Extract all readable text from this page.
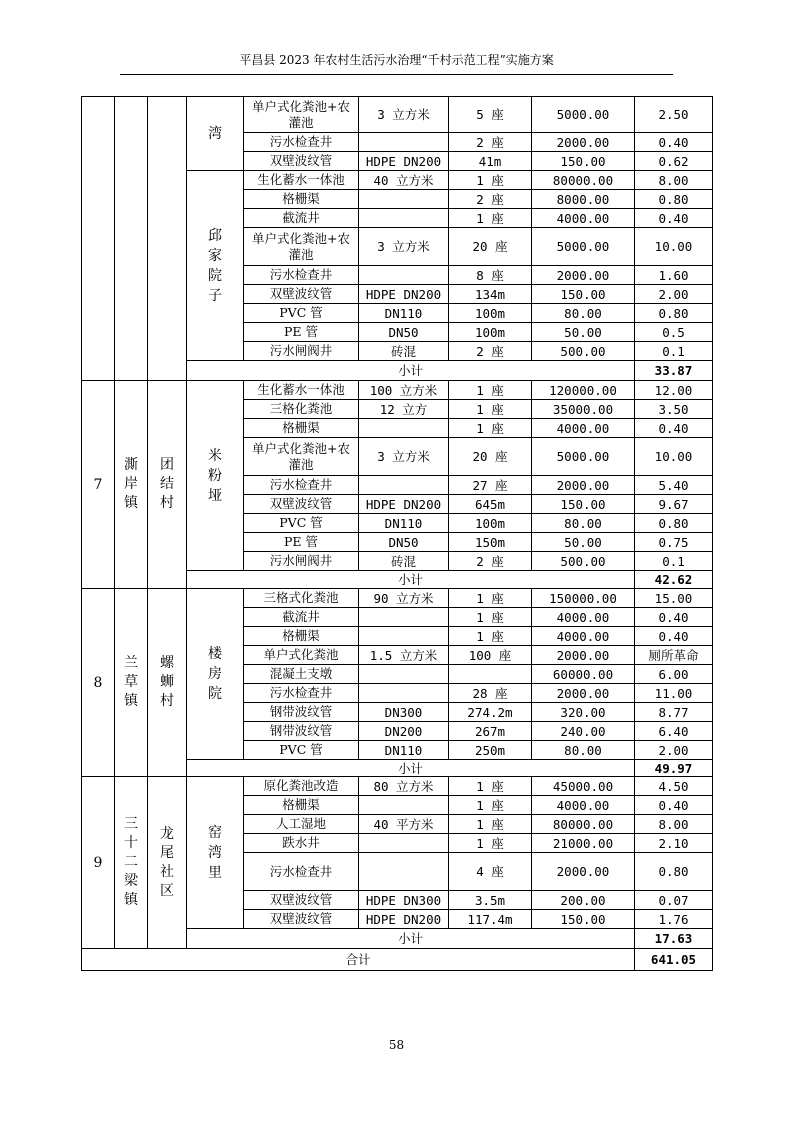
平昌县 2023 年农村生活污水治理“千村示范工程”实施方案

			湾	单户式化粪池+农灌池	3 立方米	5 座	5000.00	2.50
				污水检查井		2 座	2000.00	0.40
				双壁波纹管	HDPE DN200	41m	150.00	0.62

			邱家院子	生化蓄水一体池	40 立方米	1 座	80000.00	8.00
				格栅渠		2 座	8000.00	0.80
				截流井		1 座	4000.00	0.40
				单户式化粪池+农灌池	3 立方米	20 座	5000.00	10.00
				污水检查井		8 座	2000.00	1.60
				双壁波纹管	HDPE DN200	134m	150.00	2.00
				PVC 管	DN110	100m	80.00	0.80
				PE 管	DN50	100m	50.00	0.5
				污水闸阀井	砖混	2 座	500.00	0.1
			小计					33.87
7	澌岸镇	团结村	米粉垭	生化蓄水一体池	100 立方米	1 座	120000.00	12.00
				三格化粪池	12 立方	1 座	35000.00	3.50
				格栅渠		1 座	4000.00	0.40
				单户式化粪池+农灌池	3 立方米	20 座	5000.00	10.00
				污水检查井		27 座	2000.00	5.40
				双壁波纹管	HDPE DN200	645m	150.00	9.67
				PVC 管	DN110	100m	80.00	0.80
				PE 管	DN50	150m	50.00	0.75
				污水闸阀井	砖混	2 座	500.00	0.1
			小计					42.62
8	兰草镇	螺蛳村	楼房院	三格式化粪池	90 立方米	1 座	150000.00	15.00
				截流井		1 座	4000.00	0.40
				格栅渠		1 座	4000.00	0.40
				单户式化粪池	1.5 立方米	100 座	2000.00	厕所革命
				混凝土支墩			60000.00	6.00
				污水检查井		28 座	2000.00	11.00
				钢带波纹管	DN300	274.2m	320.00	8.77
				钢带波纹管	DN200	267m	240.00	6.40
				PVC 管	DN110	250m	80.00	2.00
			小计					49.97
9	三十二梁镇	龙尾社区	窑湾里	原化粪池改造	80 立方米	1 座	45000.00	4.50
				格栅渠		1 座	4000.00	0.40
				人工湿地	40 平方米	1 座	80000.00	8.00
				跌水井		1 座	21000.00	2.10
				污水检查井		4 座	2000.00	0.80
				双壁波纹管	HDPE DN300	3.5m	200.00	0.07
				双壁波纹管	HDPE DN200	117.4m	150.00	1.76
			小计					17.63
合计								641.05
58
